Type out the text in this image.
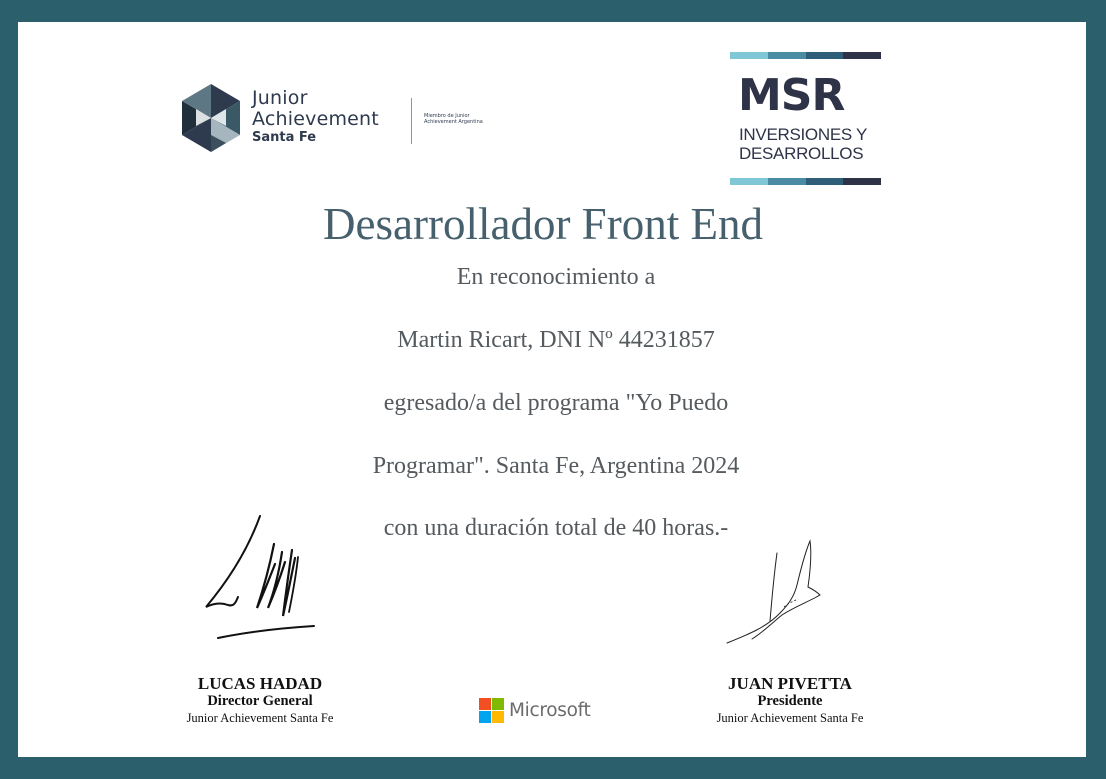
Junior
Achievement
Santa Fe
Miembro de Junior Achievement Argentina
MSR
INVERSIONES Y
DESARROLLOS
Desarrollador Front End
En reconocimiento a
Martin Ricart, DNI Nº 44231857
egresado/a del programa "Yo Puedo
Programar". Santa Fe, Argentina 2024
con una duración total de 40 horas.-
LUCAS HADAD
Director General
Junior Achievement Santa Fe
JUAN PIVETTA
Presidente
Junior Achievement Santa Fe
Microsoft
